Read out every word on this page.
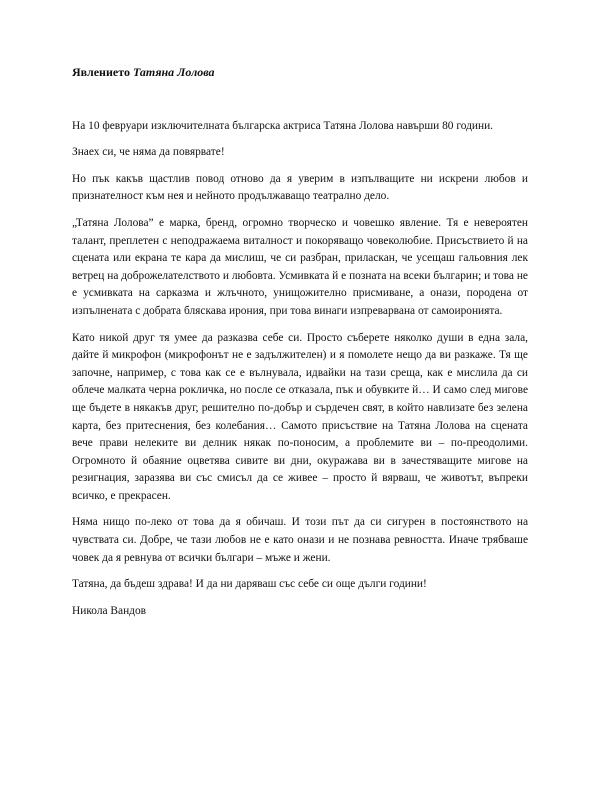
Явлението Татяна Лолова

На 10 февруари изключителната българска актриса Татяна Лолова навърши 80 години.

Знаех си, че няма да повярвате!

Но пък какъв щастлив повод отново да я уверим в изпълващите ни искрени любов и признателност към нея и нейното продължаващо театрално дело.

„Татяна Лолова” е марка, бренд, огромно творческо и човешко явление. Тя е невероятен талант, преплетен с неподражаема виталност и покоряващо човеколюбие. Присъствието й на сцената или екрана те кара да мислиш, че си разбран, приласкан, че усещаш гальовния лек ветрец на доброжелателството и любовта. Усмивката й е позната на всеки българин; и това не е усмивката на сарказма и жлъчното, унищожително присмиване, а онази, породена от изпълнената с добрата бляскава ирония, при това винаги изпреварвана от самоиронията.

Като никой друг тя умее да разказва себе си. Просто съберете няколко души в една зала, дайте й микрофон (микрофонът не е задължителен) и я помолете нещо да ви разкаже. Тя ще започне, например, с това как се е вълнувала, идвайки на тази среща, как е мислила да си облече малката черна рокличка, но после се отказала, пък и обувките й… И само след мигове ще бъдете в някакъв друг, решително по-добър и сърдечен свят, в който навлизате без зелена карта, без притеснения, без колебания… Самото присъствие на Татяна Лолова на сцената вече прави нелеките ви делник някак по-поносим, а проблемите ви – по-преодолими. Огромното й обаяние оцветява сивите ви дни, окуражава ви в зачестяващите мигове на резигнация, заразява ви със смисъл да се живее – просто й вярваш, че животът, въпреки всичко, е прекрасен.

Няма нищо по-леко от това да я обичаш. И този път да си сигурен в постоянството на чувствата си. Добре, че тази любов не е като онази и не познава ревността. Иначе трябваше човек да я ревнува от всички българи – мъже и жени.

Татяна, да бъдеш здрава! И да ни даряваш със себе си още дълги години!

Никола Вандов
